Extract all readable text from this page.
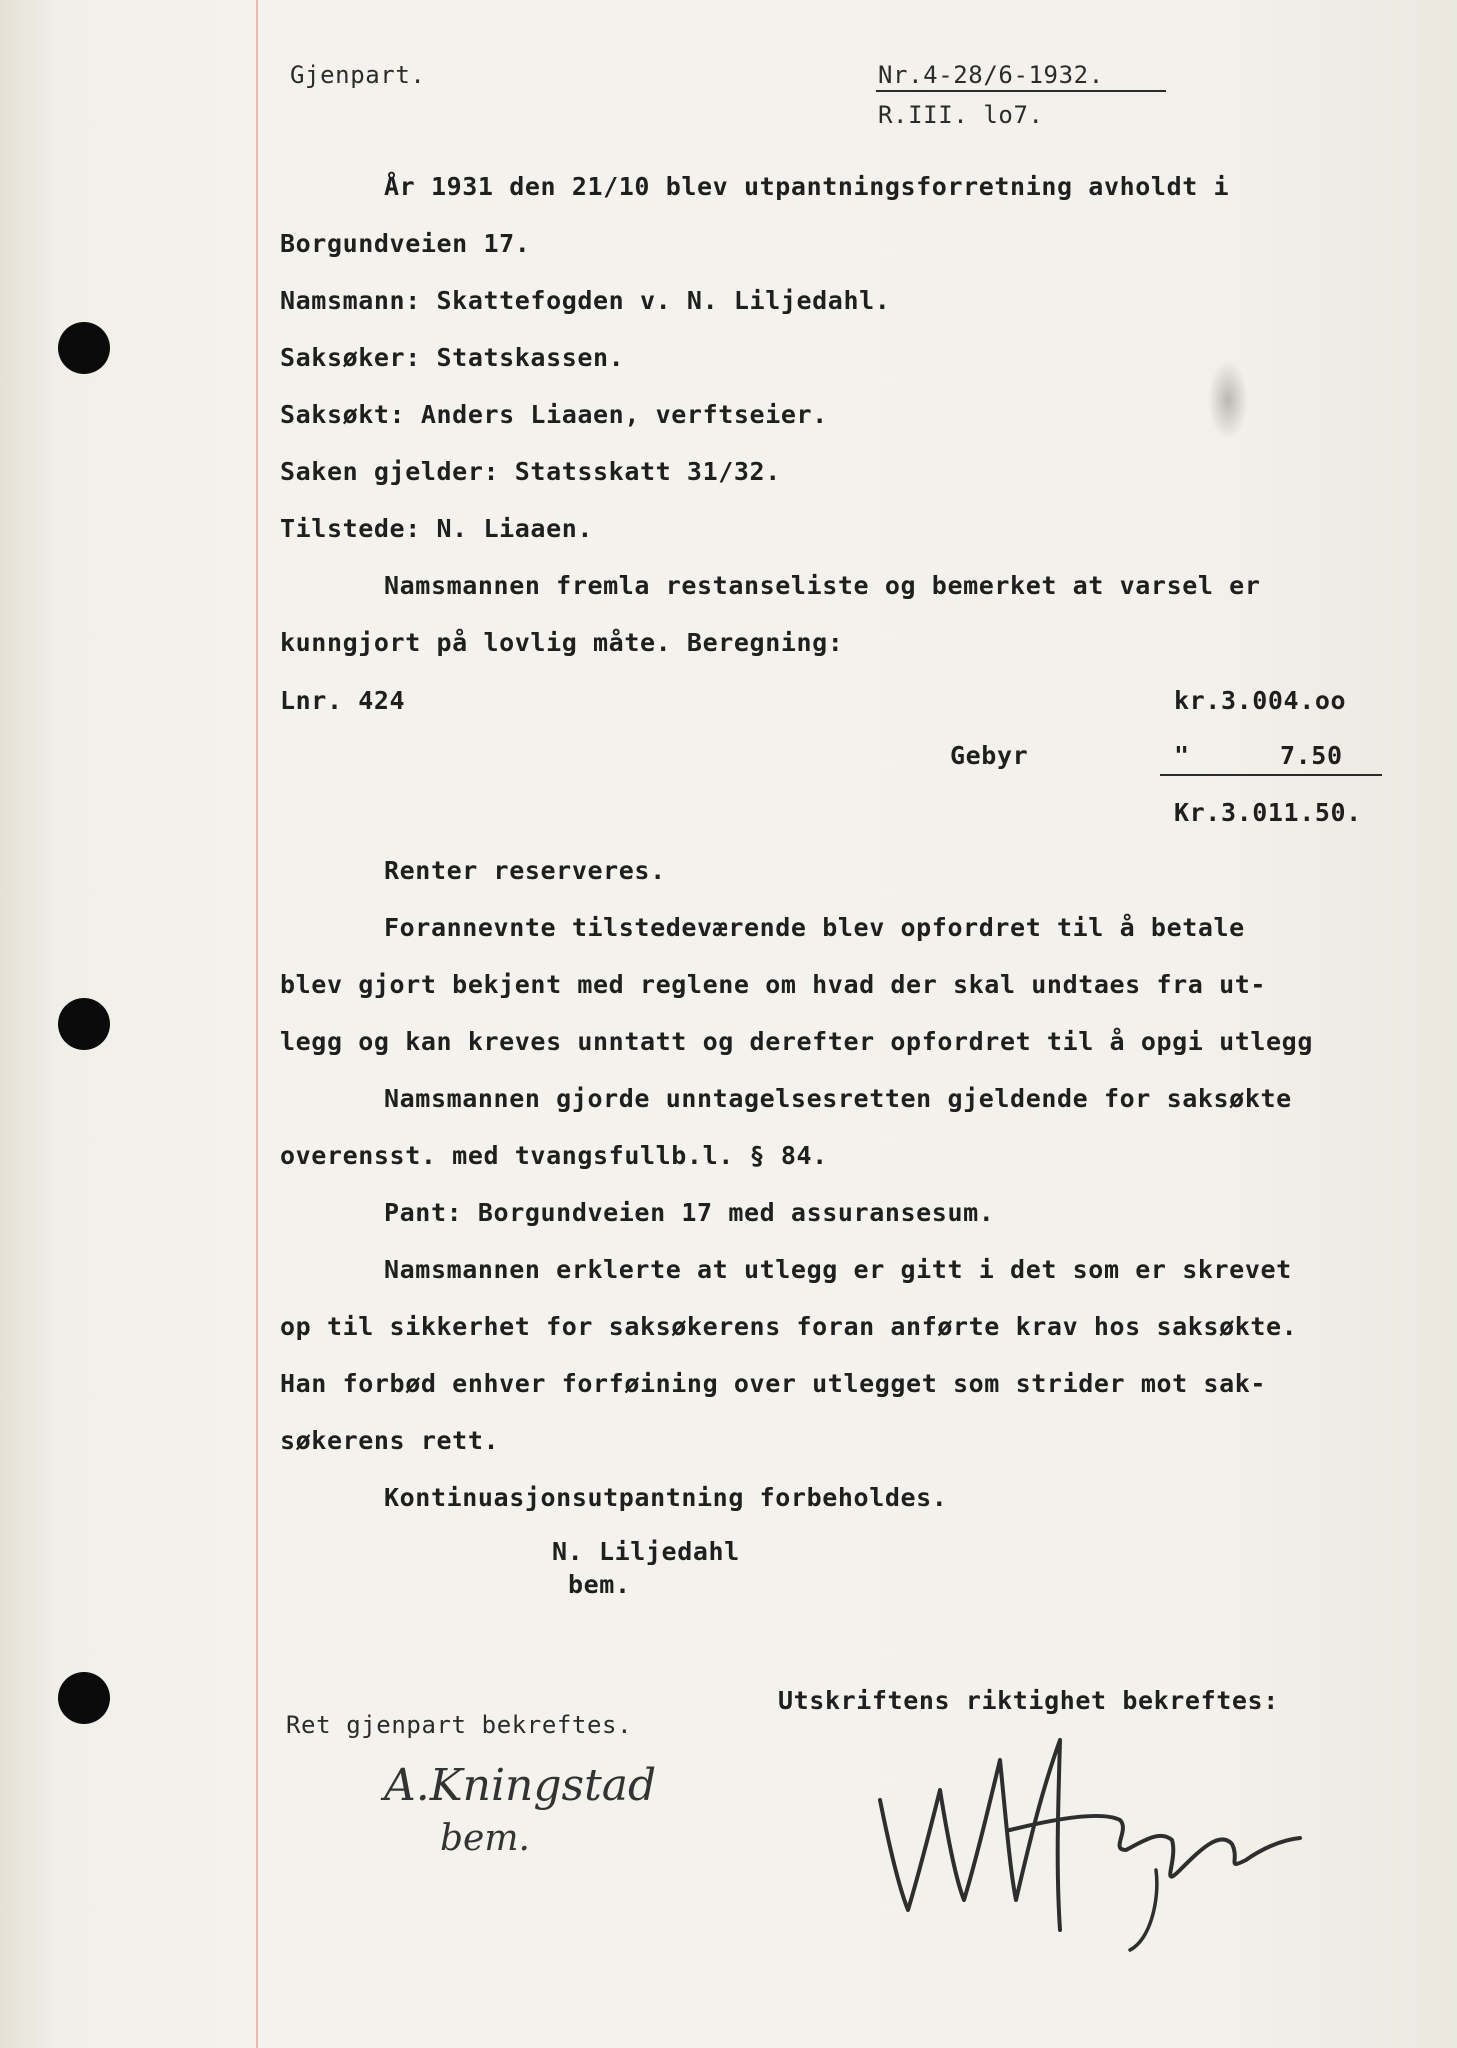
Gjenpart.	Nr.4-28/6-1932.
R.III. lo7.
År 1931 den 21/10 blev utpantningsforretning avholdt i
Borgundveien 17.
Namsmann: Skattefogden v. N. Liljedahl.
Saksøker: Statskassen.
Saksøkt: Anders Liaaen, verftseier.
Saken gjelder: Statsskatt 31/32.
Tilstede: N. Liaaen.
Namsmannen fremla restanseliste og bemerket at varsel er
kunngjort på lovlig måte. Beregning:
Lnr. 424	kr.3.004.oo
Gebyr	"	7.50
Kr.3.011.50.
Renter reserveres.
Forannevnte tilstedeværende blev opfordret til å betale
blev gjort bekjent med reglene om hvad der skal undtaes fra ut-
legg og kan kreves unntatt og derefter opfordret til å opgi utlegg
Namsmannen gjorde unntagelsesretten gjeldende for saksøkte
overensst. med tvangsfullb.l. § 84.
Pant: Borgundveien 17 med assuransesum.
Namsmannen erklerte at utlegg er gitt i det som er skrevet
op til sikkerhet for saksøkerens foran anførte krav hos saksøkte.
Han forbød enhver forføining over utlegget som strider mot sak-
søkerens rett.
Kontinuasjonsutpantning forbeholdes.
N. Liljedahl
bem.
Ret gjenpart bekreftes.
Utskriftens riktighet bekreftes:
A.Kningstad
bem.
